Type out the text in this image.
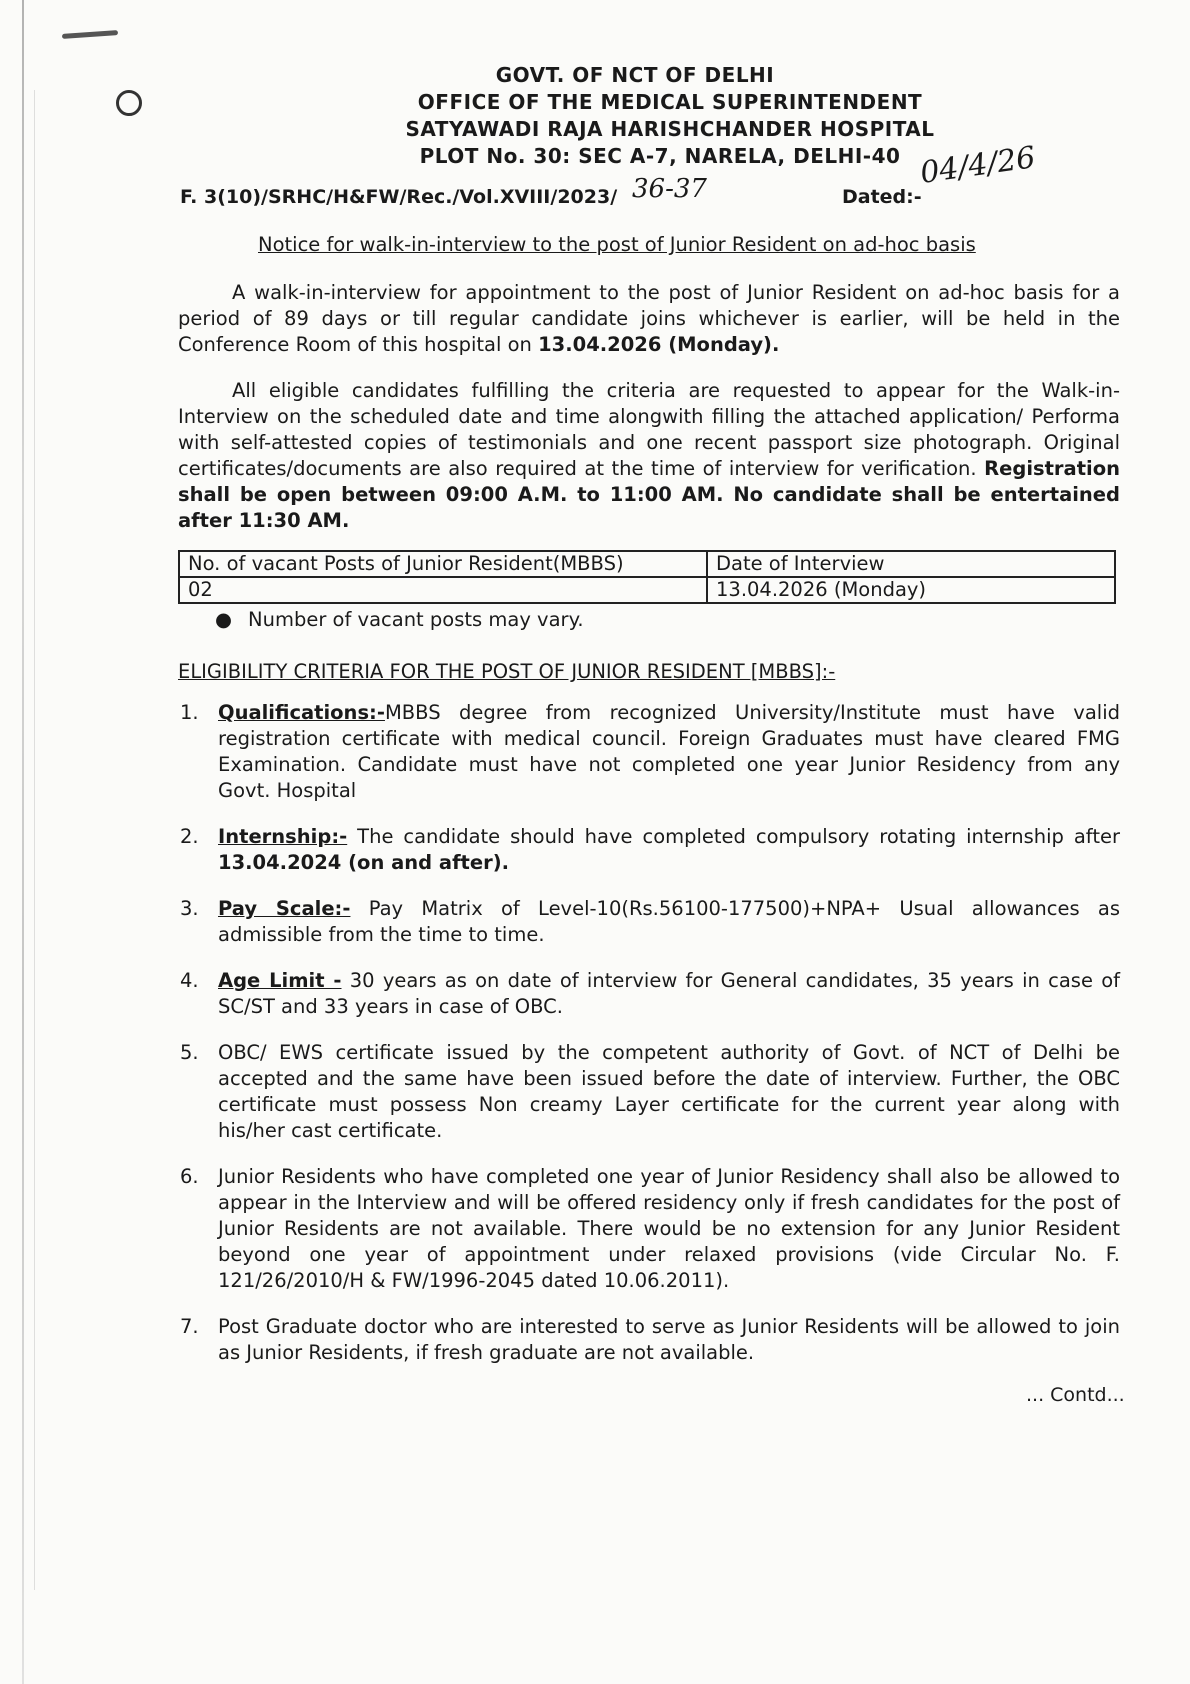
GOVT. OF NCT OF DELHI
OFFICE OF THE MEDICAL SUPERINTENDENT
SATYAWADI RAJA HARISHCHANDER HOSPITAL
PLOT No. 30: SEC A-7, NARELA, DELHI-40
F. 3(10)/SRHC/H&FW/Rec./Vol.XVIII/2023/ 36-37	Dated:-
04/4/26
Notice for walk-in-interview to the post of Junior Resident on ad-hoc basis

A walk-in-interview for appointment to the post of Junior Resident on ad-hoc basis for a period of 89 days or till regular candidate joins whichever is earlier, will be held in the Conference Room of this hospital on 13.04.2026 (Monday).

All eligible candidates fulfilling the criteria are requested to appear for the Walk-in-Interview on the scheduled date and time alongwith filling the attached application/ Performa with self-attested copies of testimonials and one recent passport size photograph. Original certificates/documents are also required at the time of interview for verification. Registration shall be open between 09:00 A.M. to 11:00 AM. No candidate shall be entertained after 11:30 AM.

No. of vacant Posts of Junior Resident(MBBS)	Date of Interview
02	13.04.2026 (Monday)
● Number of vacant posts may vary.
ELIGIBILITY CRITERIA FOR THE POST OF JUNIOR RESIDENT [MBBS]:-
1. Qualifications:-MBBS degree from recognized University/Institute must have valid registration certificate with medical council. Foreign Graduates must have cleared FMG Examination. Candidate must have not completed one year Junior Residency from any Govt. Hospital
2. Internship:- The candidate should have completed compulsory rotating internship after 13.04.2024 (on and after).
3. Pay Scale:- Pay Matrix of Level-10(Rs.56100-177500)+NPA+ Usual allowances as admissible from the time to time.
4. Age Limit - 30 years as on date of interview for General candidates, 35 years in case of SC/ST and 33 years in case of OBC.
5. OBC/ EWS certificate issued by the competent authority of Govt. of NCT of Delhi be accepted and the same have been issued before the date of interview. Further, the OBC certificate must possess Non creamy Layer certificate for the current year along with his/her cast certificate.
6. Junior Residents who have completed one year of Junior Residency shall also be allowed to appear in the Interview and will be offered residency only if fresh candidates for the post of Junior Residents are not available. There would be no extension for any Junior Resident beyond one year of appointment under relaxed provisions (vide Circular No. F. 121/26/2010/H & FW/1996-2045 dated 10.06.2011).
7. Post Graduate doctor who are interested to serve as Junior Residents will be allowed to join as Junior Residents, if fresh graduate are not available.
... Contd...
